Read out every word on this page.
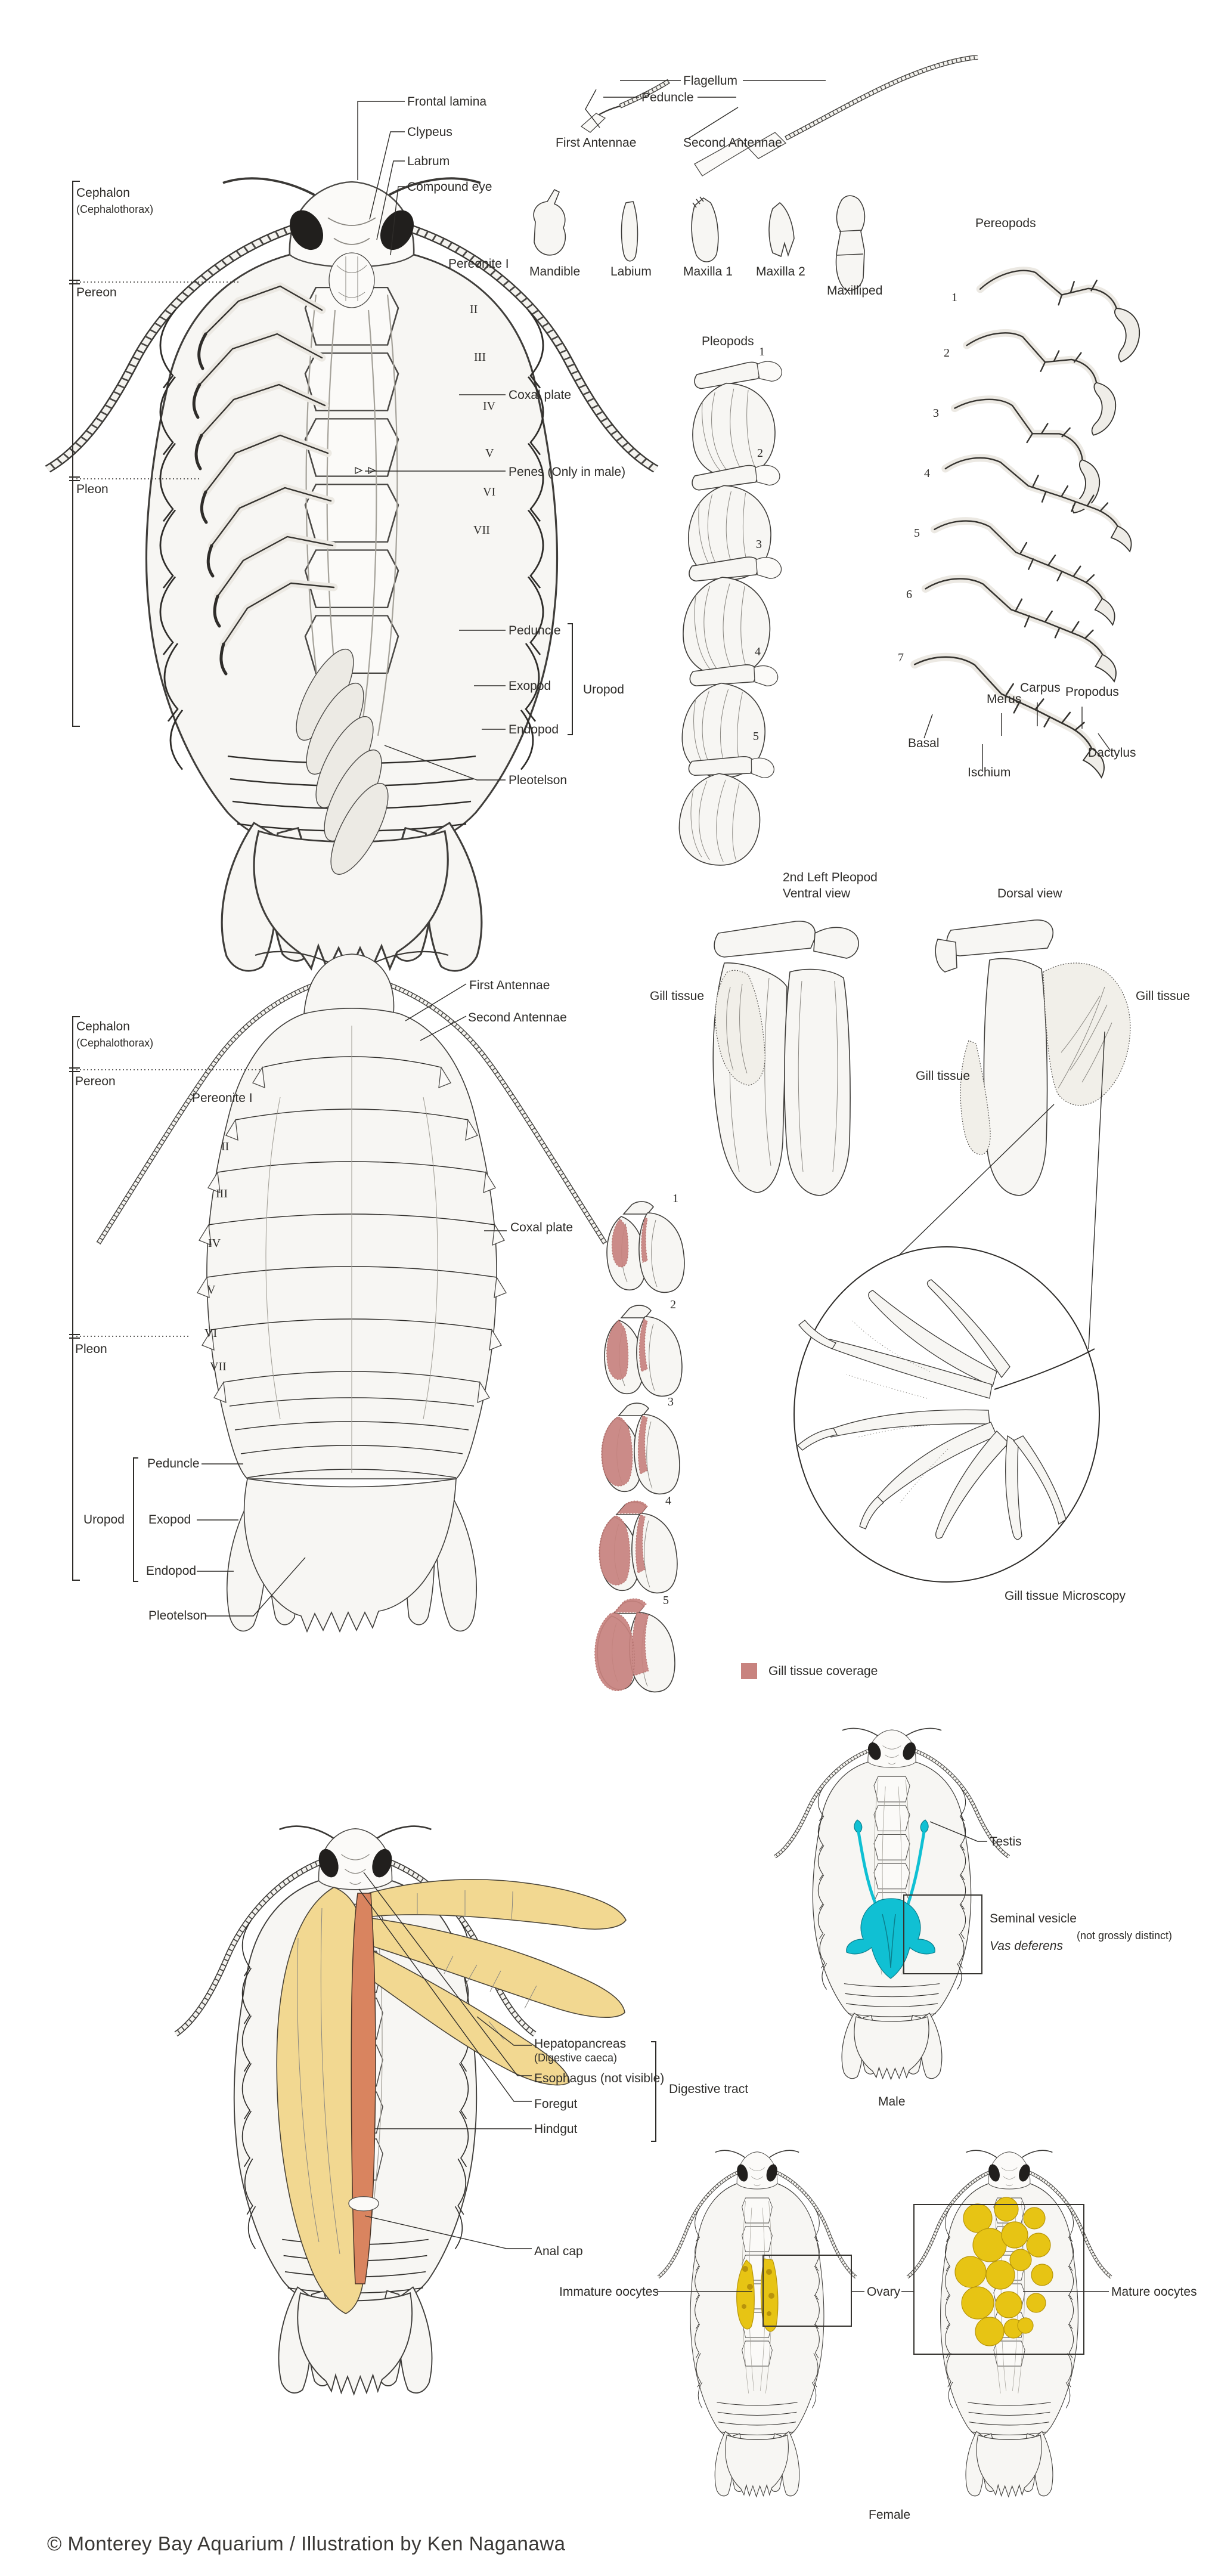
Flagellum
Peduncle
First Antennae	Second Antennae
Frontal lamina
Clypeus
Labrum
Compound eye
Cephalon
(Cephalothorax)
Pereon
Pleon
Pereonite I
II
III
IV
V
VI
VII
Coxal plate
Penes (Only in male)
Peduncle
Exopod
Endopod
Uropod
Pleotelson
Mandible Labium	Maxilla 1 Maxilla 2
Maxilliped
Pleopods
1
2
3
4
5
Pereopods
1
2
3
4
5
6
7
Merus
Carpus Propodus
Basal
Ischium
Dactylus
First Antennae
Second Antennae
Cephalon
(Cephalothorax)
Pereon
Pereonite I
II
III
IV
V
VI
VII
Coxal plate
Pleon
Peduncle
Uropod Exopod
Endopod
Pleotelson
2nd Left Pleopod
Ventral view	Dorsal view
Gill tissue	Gill tissue
Gill tissue
Gill tissue Microscopy
1
2
3
4
5
Gill tissue coverage
Hepatopancreas
(Digestive caeca)
Esophagus (not visible)
Foregut
Hindgut
Digestive tract
Anal cap
Testis
Seminal vesicle
Vas deferens
(not grossly distinct)
Male
Immature oocytes	Ovary	Mature oocytes
Female
© Monterey Bay Aquarium / Illustration by Ken Naganawa
